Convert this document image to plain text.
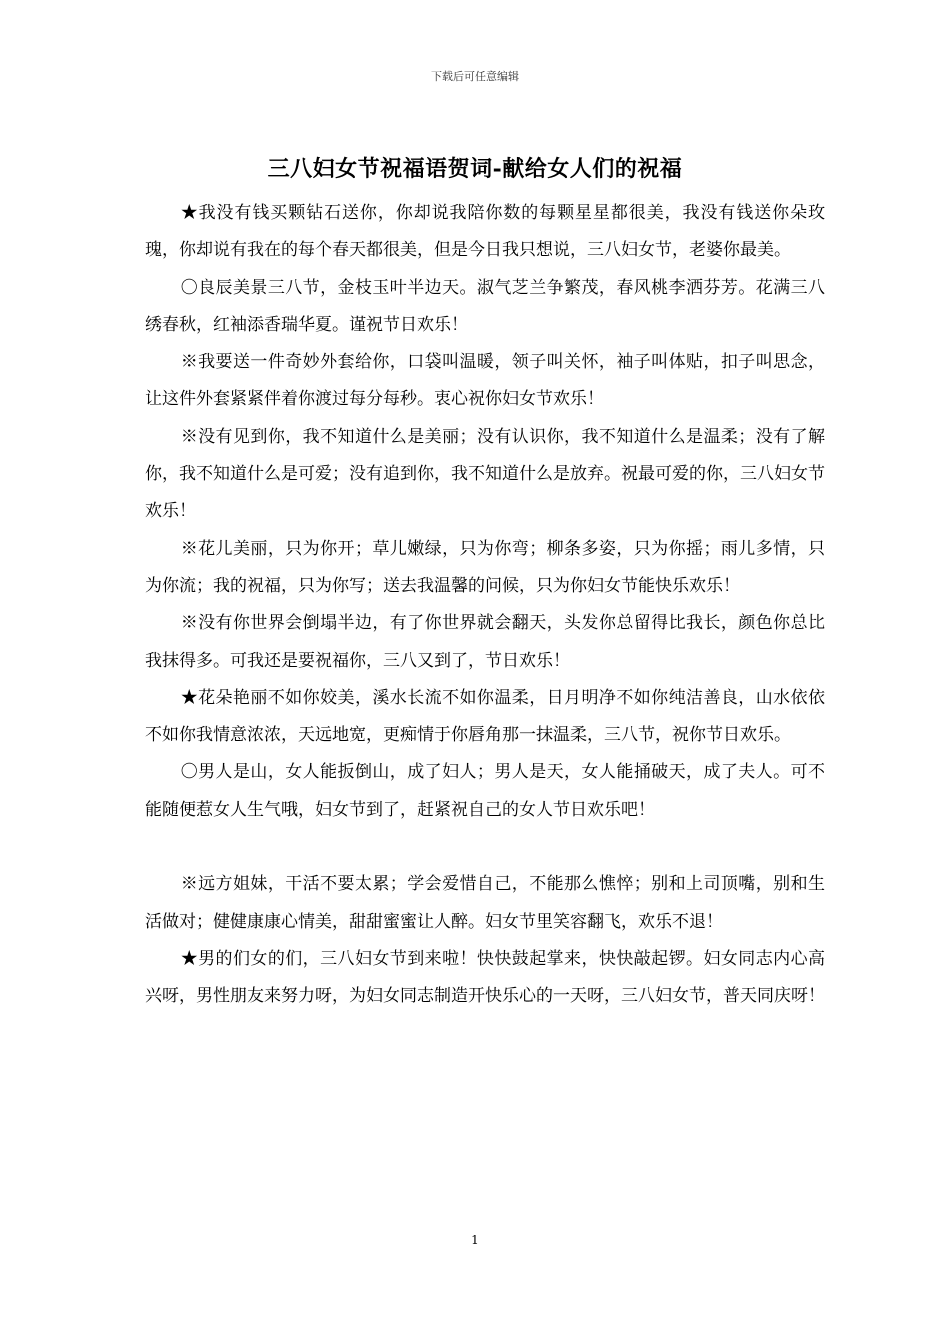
下载后可任意编辑
三八妇女节祝福语贺词-献给女人们的祝福

★我没有钱买颗钻石送你，你却说我陪你数的每颗星星都很美，我没有钱送你朵玫瑰，你却说有我在的每个春天都很美，但是今日我只想说，三八妇女节，老婆你最美。

〇良辰美景三八节，金枝玉叶半边天。淑气芝兰争繁茂，春风桃李洒芬芳。花满三八绣春秋，红袖添香瑞华夏。谨祝节日欢乐！

※我要送一件奇妙外套给你，口袋叫温暖，领子叫关怀，袖子叫体贴，扣子叫思念，让这件外套紧紧伴着你渡过每分每秒。衷心祝你妇女节欢乐！

※没有见到你，我不知道什么是美丽；没有认识你，我不知道什么是温柔；没有了解你，我不知道什么是可爱；没有追到你，我不知道什么是放弃。祝最可爱的你，三八妇女节欢乐！

※花儿美丽，只为你开；草儿嫩绿，只为你弯；柳条多姿，只为你摇；雨儿多情，只为你流；我的祝福，只为你写；送去我温馨的问候，只为你妇女节能快乐欢乐！

※没有你世界会倒塌半边，有了你世界就会翻天，头发你总留得比我长，颜色你总比我抹得多。可我还是要祝福你，三八又到了，节日欢乐！

★花朵艳丽不如你姣美，溪水长流不如你温柔，日月明净不如你纯洁善良，山水依依不如你我情意浓浓，天远地宽，更痴情于你唇角那一抹温柔，三八节，祝你节日欢乐。

〇男人是山，女人能扳倒山，成了妇人；男人是天，女人能捅破天，成了夫人。可不能随便惹女人生气哦，妇女节到了，赶紧祝自己的女人节日欢乐吧！

※远方姐妹，干活不要太累；学会爱惜自己，不能那么憔悴；别和上司顶嘴，别和生活做对；健健康康心情美，甜甜蜜蜜让人醉。妇女节里笑容翻飞，欢乐不退！

★男的们女的们，三八妇女节到来啦！快快鼓起掌来，快快敲起锣。妇女同志内心高兴呀，男性朋友来努力呀，为妇女同志制造开快乐心的一天呀，三八妇女节，普天同庆呀！

1
